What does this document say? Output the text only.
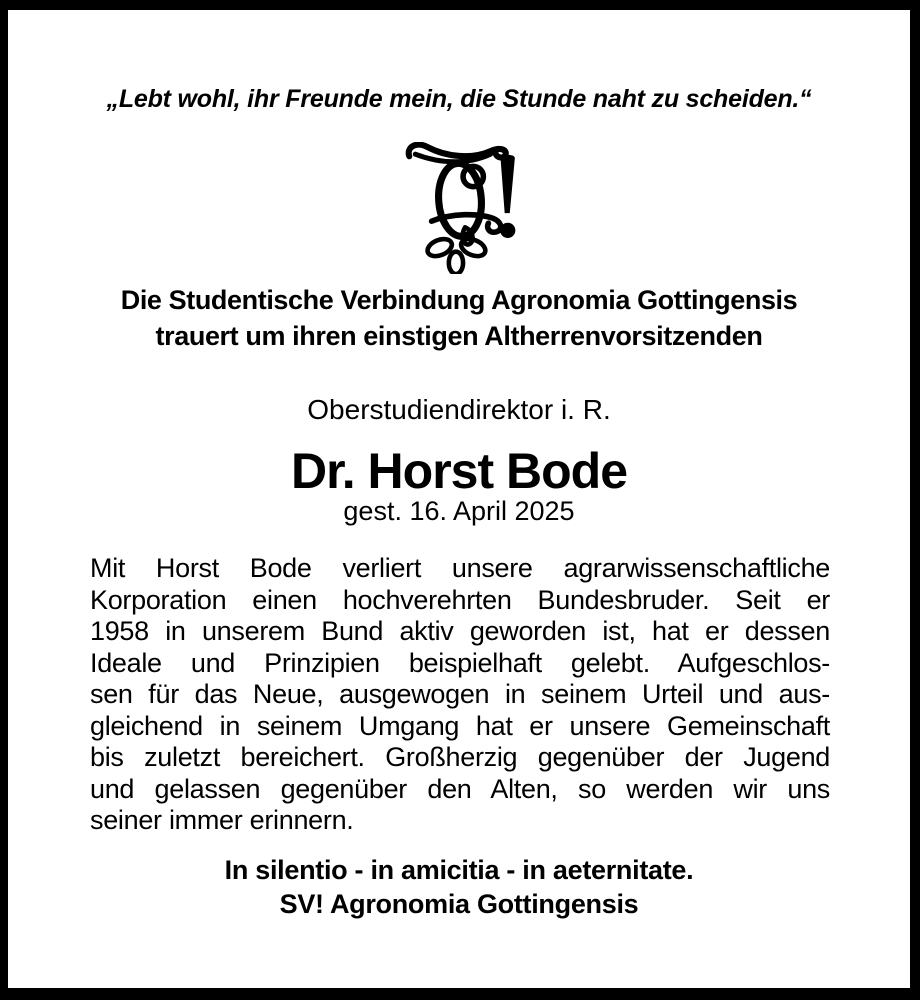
„Lebt wohl, ihr Freunde mein, die Stunde naht zu scheiden.“
Die Studentische Verbindung Agronomia Gottingensis
trauert um ihren einstigen Altherrenvorsitzenden
Oberstudiendirektor i. R.
Dr. Horst Bode
gest. 16. April 2025
Mit Horst Bode verliert unsere agrarwissenschaftliche
Korporation einen hochverehrten Bundesbruder. Seit er
1958 in unserem Bund aktiv geworden ist, hat er dessen
Ideale und Prinzipien beispielhaft gelebt. Aufgeschlos-
sen für das Neue, ausgewogen in seinem Urteil und aus-
gleichend in seinem Umgang hat er unsere Gemeinschaft
bis zuletzt bereichert. Großherzig gegenüber der Jugend
und gelassen gegenüber den Alten, so werden wir uns
seiner immer erinnern.
In silentio - in amicitia - in aeternitate.
SV! Agronomia Gottingensis
